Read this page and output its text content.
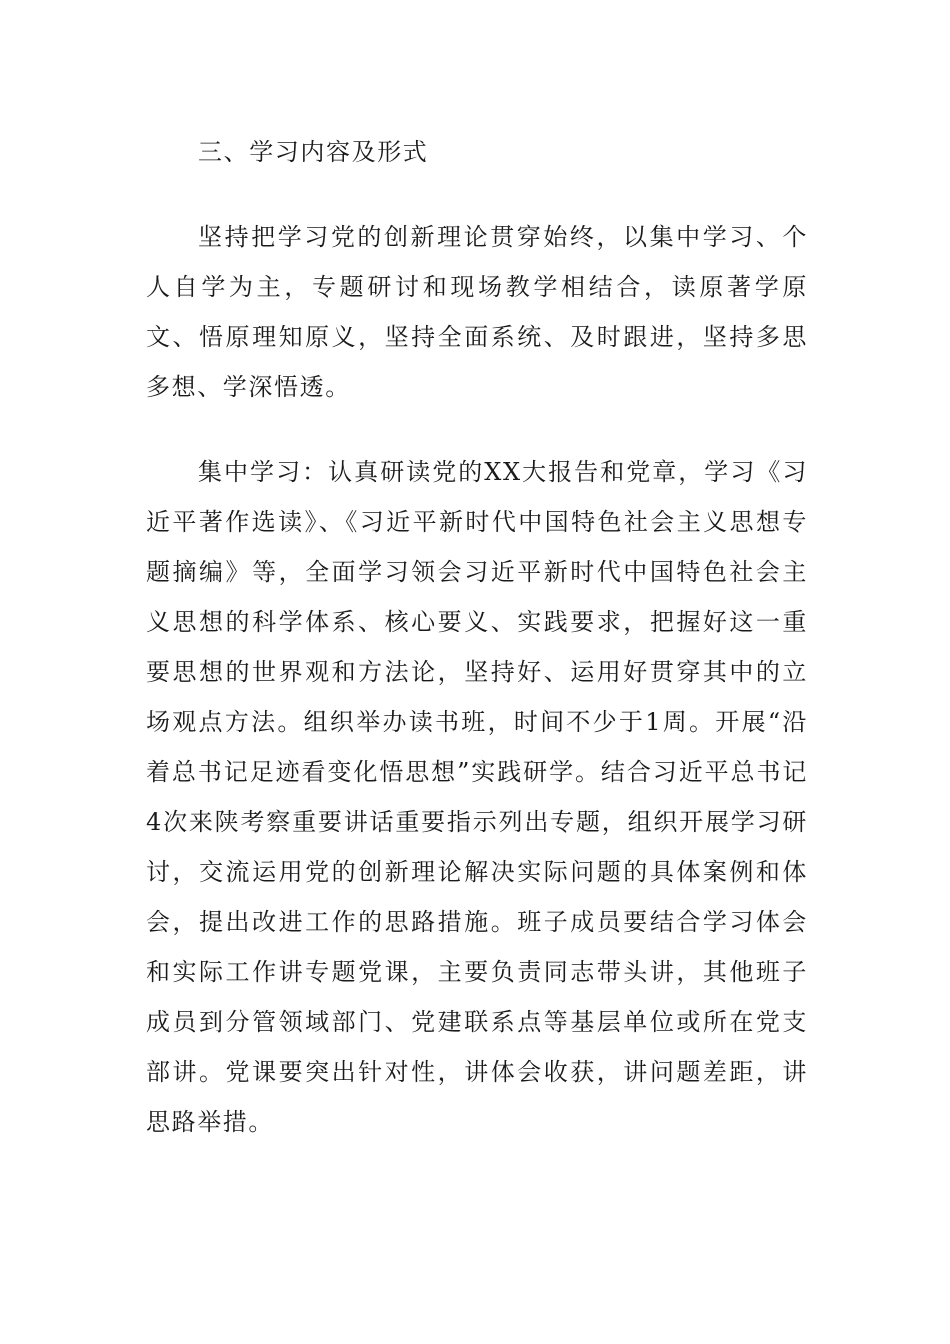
三、学习内容及形式

坚持把学习党的创新理论贯穿始终，以集中学习、个人自学为主，专题研讨和现场教学相结合，读原著学原文、悟原理知原义，坚持全面系统、及时跟进，坚持多思多想、学深悟透。

集中学习：认真研读党的XX大报告和党章，学习《习近平著作选读》、《习近平新时代中国特色社会主义思想专题摘编》等，全面学习领会习近平新时代中国特色社会主义思想的科学体系、核心要义、实践要求，把握好这一重要思想的世界观和方法论，坚持好、运用好贯穿其中的立场观点方法。组织举办读书班，时间不少于1周。开展“沿着总书记足迹看变化悟思想”实践研学。结合习近平总书记4次来陕考察重要讲话重要指示列出专题，组织开展学习研讨，交流运用党的创新理论解决实际问题的具体案例和体会，提出改进工作的思路措施。班子成员要结合学习体会和实际工作讲专题党课，主要负责同志带头讲，其他班子成员到分管领域部门、党建联系点等基层单位或所在党支部讲。党课要突出针对性，讲体会收获，讲问题差距，讲思路举措。
